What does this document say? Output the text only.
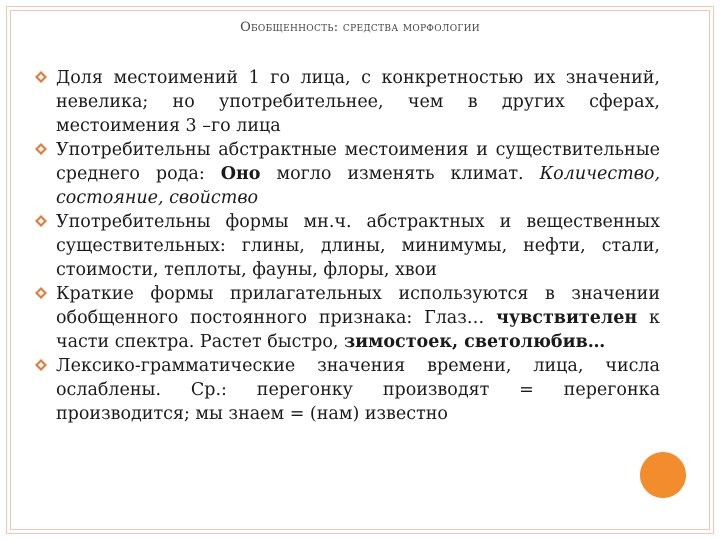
Обобщенность: средства морфологии
Доля местоимений 1 го лица, с конкретностью их значений, невелика; но употребительнее, чем в других сферах, местоимения 3 –го лица
Употребительны абстрактные местоимения и существительные среднего рода: Оно могло изменять климат. Количество, состояние, свойство
Употребительны формы мн.ч. абстрактных и вещественных существительных: глины, длины, минимумы, нефти, стали, стоимости, теплоты, фауны, флоры, хвои
Краткие формы прилагательных используются в значении обобщенного постоянного признака: Глаз… чувствителен к части спектра. Растет быстро, зимостоек, светолюбив…
Лексико-грамматические значения времени, лица, числа ослаблены. Ср.: перегонку производят = перегонка производится; мы знаем = (нам) известно
